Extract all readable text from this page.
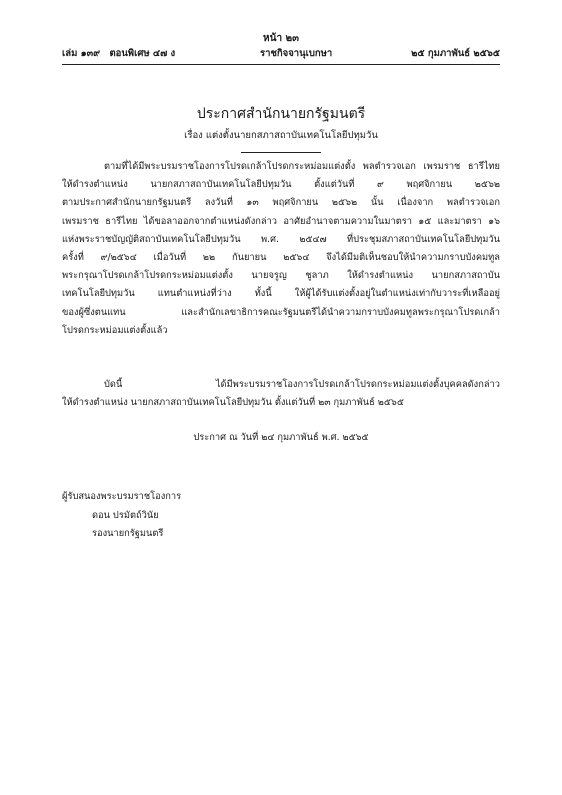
หน้า ๒๓
เล่ม ๑๓๙ ตอนพิเศษ ๔๗ ง	ราชกิจจานุเบกษา	๒๕ กุมภาพันธ์ ๒๕๖๕
ประกาศสำนักนายกรัฐมนตรี
เรื่อง แต่งตั้งนายกสภาสถาบันเทคโนโลยีปทุมวัน
ตามที่ได้มีพระบรมราชโองการโปรดเกล้าโปรดกระหม่อมแต่งตั้ง พลตำรวจเอก เพรมราช ธารีไทย
ให้ดำรงตำแหน่ง นายกสภาสถาบันเทคโนโลยีปทุมวัน ตั้งแต่วันที่ ๙ พฤศจิกายน ๒๕๖๒
ตามประกาศสำนักนายกรัฐมนตรี ลงวันที่ ๑๓ พฤศจิกายน ๒๕๖๒ นั้น เนื่องจาก พลตำรวจเอก
เพรมราช ธารีไทย ได้ขอลาออกจากตำแหน่งดังกล่าว อาศัยอำนาจตามความในมาตรา ๑๕ และมาตรา ๑๖
แห่งพระราชบัญญัติสถาบันเทคโนโลยีปทุมวัน พ.ศ. ๒๕๔๗ ที่ประชุมสภาสถาบันเทคโนโลยีปทุมวัน
ครั้งที่ ๙/๒๕๖๔ เมื่อวันที่ ๒๒ กันยายน ๒๕๖๔ จึงได้มีมติเห็นชอบให้นำความกราบบังคมทูล
พระกรุณาโปรดเกล้าโปรดกระหม่อมแต่งตั้ง นายจรูญ ชูลาภ ให้ดำรงตำแหน่ง นายกสภาสถาบัน
เทคโนโลยีปทุมวัน แทนตำแหน่งที่ว่าง ทั้งนี้ ให้ผู้ได้รับแต่งตั้งอยู่ในตำแหน่งเท่ากับวาระที่เหลืออยู่
ของผู้ซึ่งตนแทน และสำนักเลขาธิการคณะรัฐมนตรีได้นำความกราบบังคมทูลพระกรุณาโปรดเกล้า
โปรดกระหม่อมแต่งตั้งแล้ว
บัดนี้ ได้มีพระบรมราชโองการโปรดเกล้าโปรดกระหม่อมแต่งตั้งบุคคลดังกล่าว
ให้ดำรงตำแหน่ง นายกสภาสถาบันเทคโนโลยีปทุมวัน ตั้งแต่วันที่ ๒๓ กุมภาพันธ์ ๒๕๖๕
ประกาศ ณ วันที่ ๒๔ กุมภาพันธ์ พ.ศ. ๒๕๖๕
ผู้รับสนองพระบรมราชโองการ
ดอน ปรมัตถ์วินัย
รองนายกรัฐมนตรี
